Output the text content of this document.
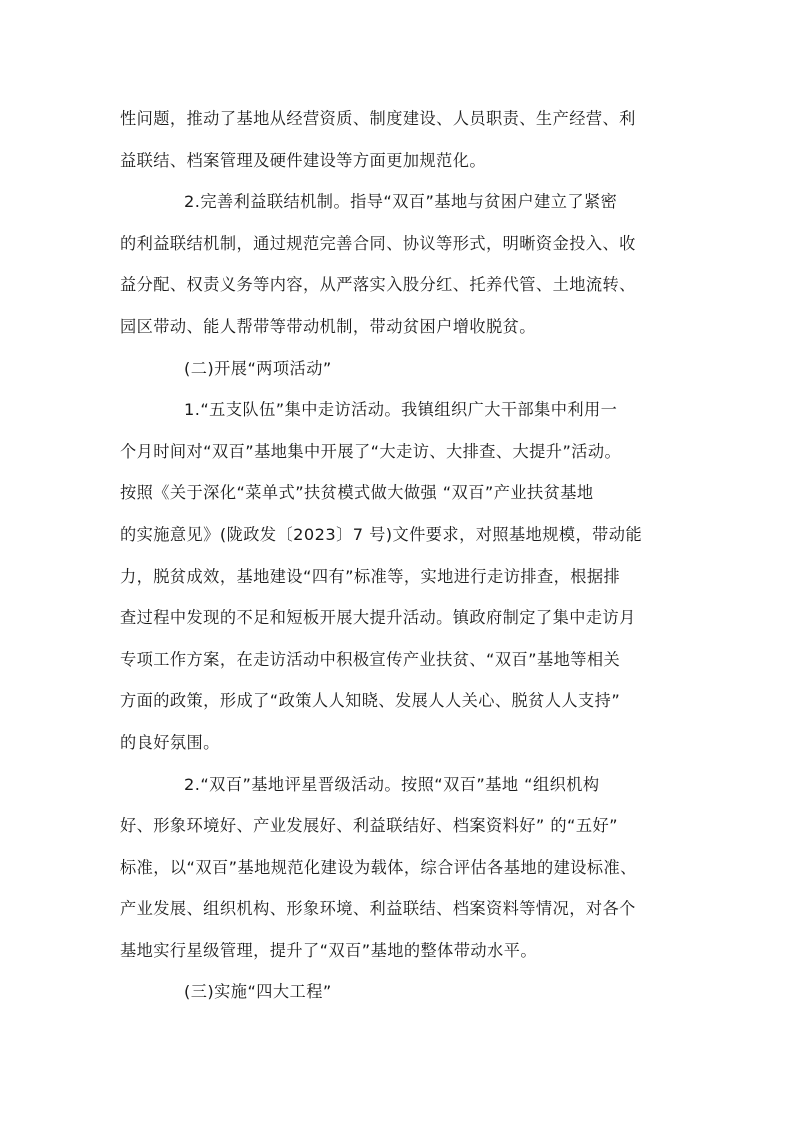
性问题，推动了基地从经营资质、制度建设、人员职责、生产经营、利
益联结、档案管理及硬件建设等方面更加规范化。
2.完善利益联结机制。指导“双百”基地与贫困户建立了紧密
的利益联结机制，通过规范完善合同、协议等形式，明晰资金投入、收
益分配、权责义务等内容，从严落实入股分红、托养代管、土地流转、
园区带动、能人帮带等带动机制，带动贫困户增收脱贫。
(二)开展“两项活动”
1.“五支队伍”集中走访活动。我镇组织广大干部集中利用一
个月时间对“双百”基地集中开展了“大走访、大排查、大提升”活动。
按照《关于深化“菜单式”扶贫模式做大做强 “双百”产业扶贫基地
的实施意见》(陇政发〔2023〕7 号)文件要求，对照基地规模，带动能
力，脱贫成效，基地建设“四有”标准等，实地进行走访排查，根据排
查过程中发现的不足和短板开展大提升活动。镇政府制定了集中走访月
专项工作方案，在走访活动中积极宣传产业扶贫、“双百”基地等相关
方面的政策，形成了“政策人人知晓、发展人人关心、脱贫人人支持”
的良好氛围。
2.“双百”基地评星晋级活动。按照“双百”基地 “组织机构
好、形象环境好、产业发展好、利益联结好、档案资料好” 的“五好”
标准，以“双百”基地规范化建设为载体，综合评估各基地的建设标准、
产业发展、组织机构、形象环境、利益联结、档案资料等情况，对各个
基地实行星级管理，提升了“双百”基地的整体带动水平。
(三)实施“四大工程”
